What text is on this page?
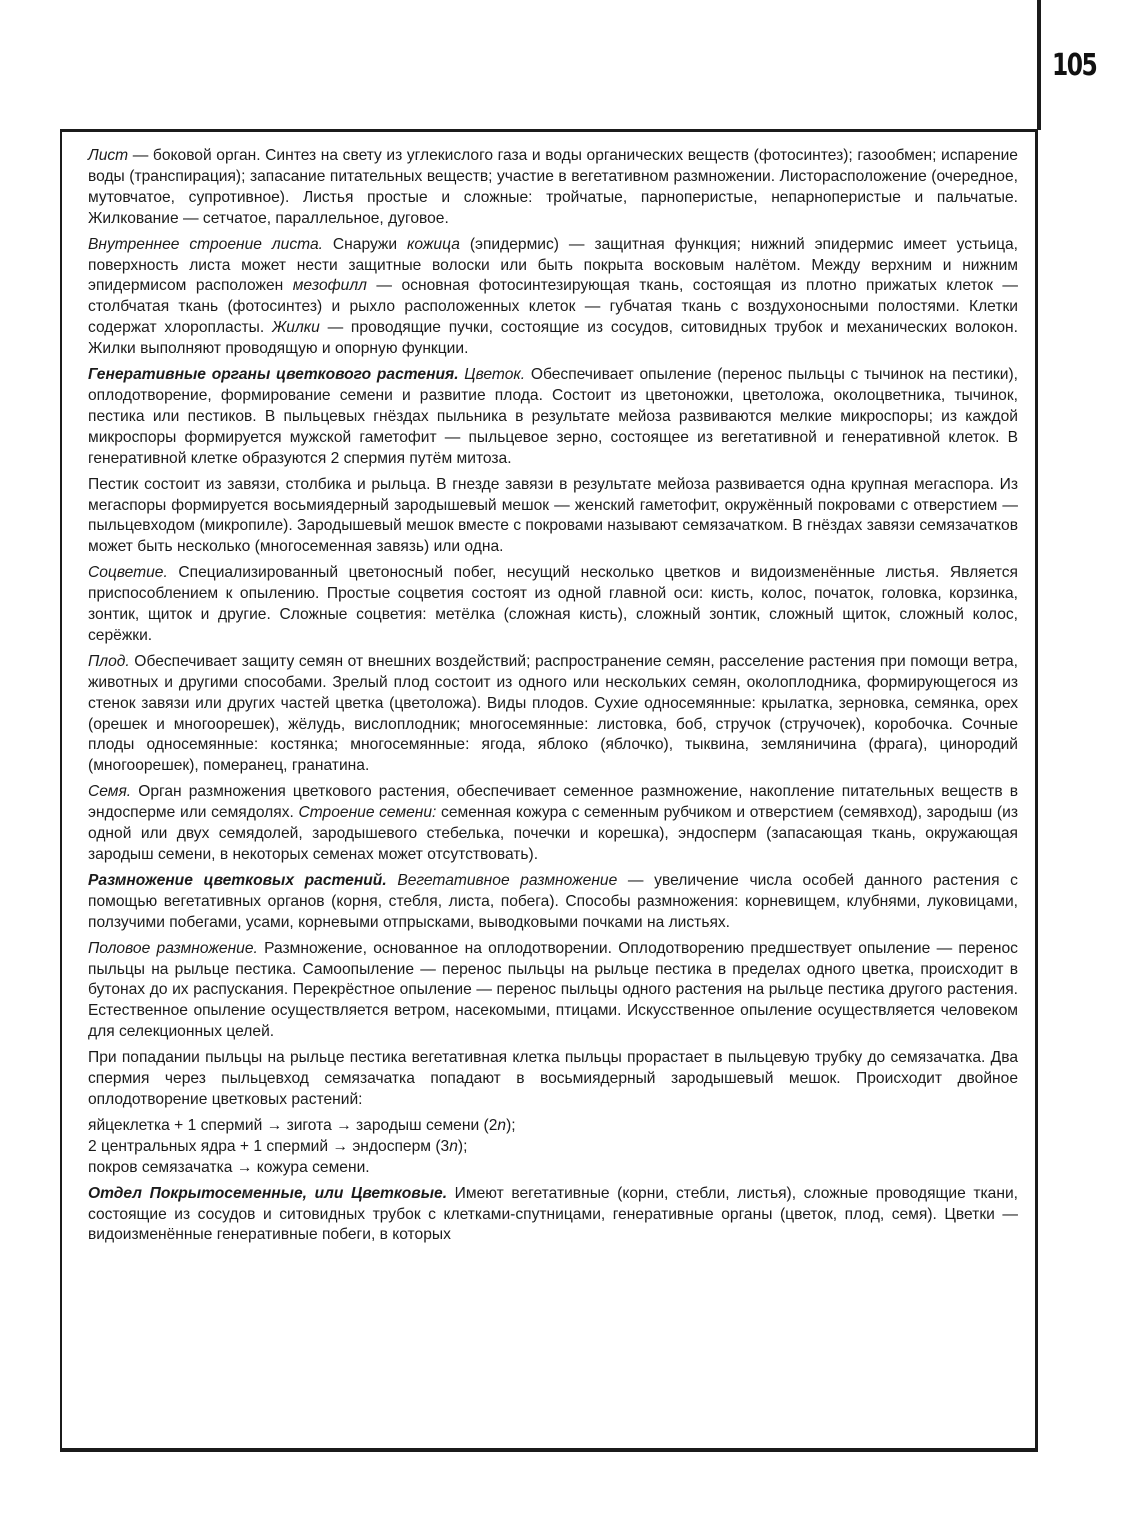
105

Лист — боковой орган. Синтез на свету из углекислого газа и воды органических веществ (фотосинтез); газообмен; испарение воды (транспирация); запасание питательных веществ; участие в вегетативном размножении. Листорасположение (очередное, мутовчатое, супротивное). Листья простые и сложные: тройчатые, парноперистые, непарноперистые и пальчатые. Жилкование — сетчатое, параллельное, дуговое.

Внутреннее строение листа. Снаружи кожица (эпидермис) — защитная функция; нижний эпидермис имеет устьица, поверхность листа может нести защитные волоски или быть покрыта восковым налётом. Между верхним и нижним эпидермисом расположен мезофилл — основная фотосинтезирующая ткань, состоящая из плотно прижатых клеток — столбчатая ткань (фотосинтез) и рыхло расположенных клеток — губчатая ткань с воздухоносными полостями. Клетки содержат хлоропласты. Жилки — проводящие пучки, состоящие из сосудов, ситовидных трубок и механических волокон. Жилки выполняют проводящую и опорную функции.

Генеративные органы цветкового растения. Цветок. Обеспечивает опыление (перенос пыльцы с тычинок на пестики), оплодотворение, формирование семени и развитие плода. Состоит из цветоножки, цветоложа, околоцветника, тычинок, пестика или пестиков. В пыльцевых гнёздах пыльника в результате мейоза развиваются мелкие микроспоры; из каждой микроспоры формируется мужской гаметофит — пыльцевое зерно, состоящее из вегетативной и генеративной клеток. В генеративной клетке образуются 2 спермия путём митоза.

Пестик состоит из завязи, столбика и рыльца. В гнезде завязи в результате мейоза развивается одна крупная мегаспора. Из мегаспоры формируется восьмиядерный зародышевый мешок — женский гаметофит, окружённый покровами с отверстием — пыльцевходом (микропиле). Зародышевый мешок вместе с покровами называют семязачатком. В гнёздах завязи семязачатков может быть несколько (многосеменная завязь) или одна.

Соцветие. Специализированный цветоносный побег, несущий несколько цветков и видоизменённые листья. Является приспособлением к опылению. Простые соцветия состоят из одной главной оси: кисть, колос, початок, головка, корзинка, зонтик, щиток и другие. Сложные соцветия: метёлка (сложная кисть), сложный зонтик, сложный щиток, сложный колос, серёжки.

Плод. Обеспечивает защиту семян от внешних воздействий; распространение семян, расселение растения при помощи ветра, животных и другими способами. Зрелый плод состоит из одного или нескольких семян, околоплодника, формирующегося из стенок завязи или других частей цветка (цветоложа). Виды плодов. Сухие односемянные: крылатка, зерновка, семянка, орех (орешек и многоорешек), жёлудь, вислоплодник; многосемянные: листовка, боб, стручок (стручочек), коробочка. Сочные плоды односемянные: костянка; многосемянные: ягода, яблоко (яблочко), тыквина, земляничина (фрага), цинородий (многоорешек), померанец, гранатина.

Семя. Орган размножения цветкового растения, обеспечивает семенное размножение, накопление питательных веществ в эндосперме или семядолях. Строение семени: семенная кожура с семенным рубчиком и отверстием (семявход), зародыш (из одной или двух семядолей, зародышевого стебелька, почечки и корешка), эндосперм (запасающая ткань, окружающая зародыш семени, в некоторых семенах может отсутствовать).

Размножение цветковых растений. Вегетативное размножение — увеличение числа особей данного растения с помощью вегетативных органов (корня, стебля, листа, побега). Способы размножения: корневищем, клубнями, луковицами, ползучими побегами, усами, корневыми отпрысками, выводковыми почками на листьях.

Половое размножение. Размножение, основанное на оплодотворении. Оплодотворению предшествует опыление — перенос пыльцы на рыльце пестика. Самоопыление — перенос пыльцы на рыльце пестика в пределах одного цветка, происходит в бутонах до их распускания. Перекрёстное опыление — перенос пыльцы одного растения на рыльце пестика другого растения. Естественное опыление осуществляется ветром, насекомыми, птицами. Искусственное опыление осуществляется человеком для селекционных целей.

При попадании пыльцы на рыльце пестика вегетативная клетка пыльцы прорастает в пыльцевую трубку до семязачатка. Два спермия через пыльцевход семязачатка попадают в восьмиядерный зародышевый мешок. Происходит двойное оплодотворение цветковых растений:

яйцеклетка + 1 спермий → зигота → зародыш семени (2n);

2 центральных ядра + 1 спермий → эндосперм (3n);

покров семязачатка → кожура семени.

Отдел Покрытосеменные, или Цветковые. Имеют вегетативные (корни, стебли, листья), сложные проводящие ткани, состоящие из сосудов и ситовидных трубок с клетками-спутницами, генеративные органы (цветок, плод, семя). Цветки — видоизменённые генеративные побеги, в которых
